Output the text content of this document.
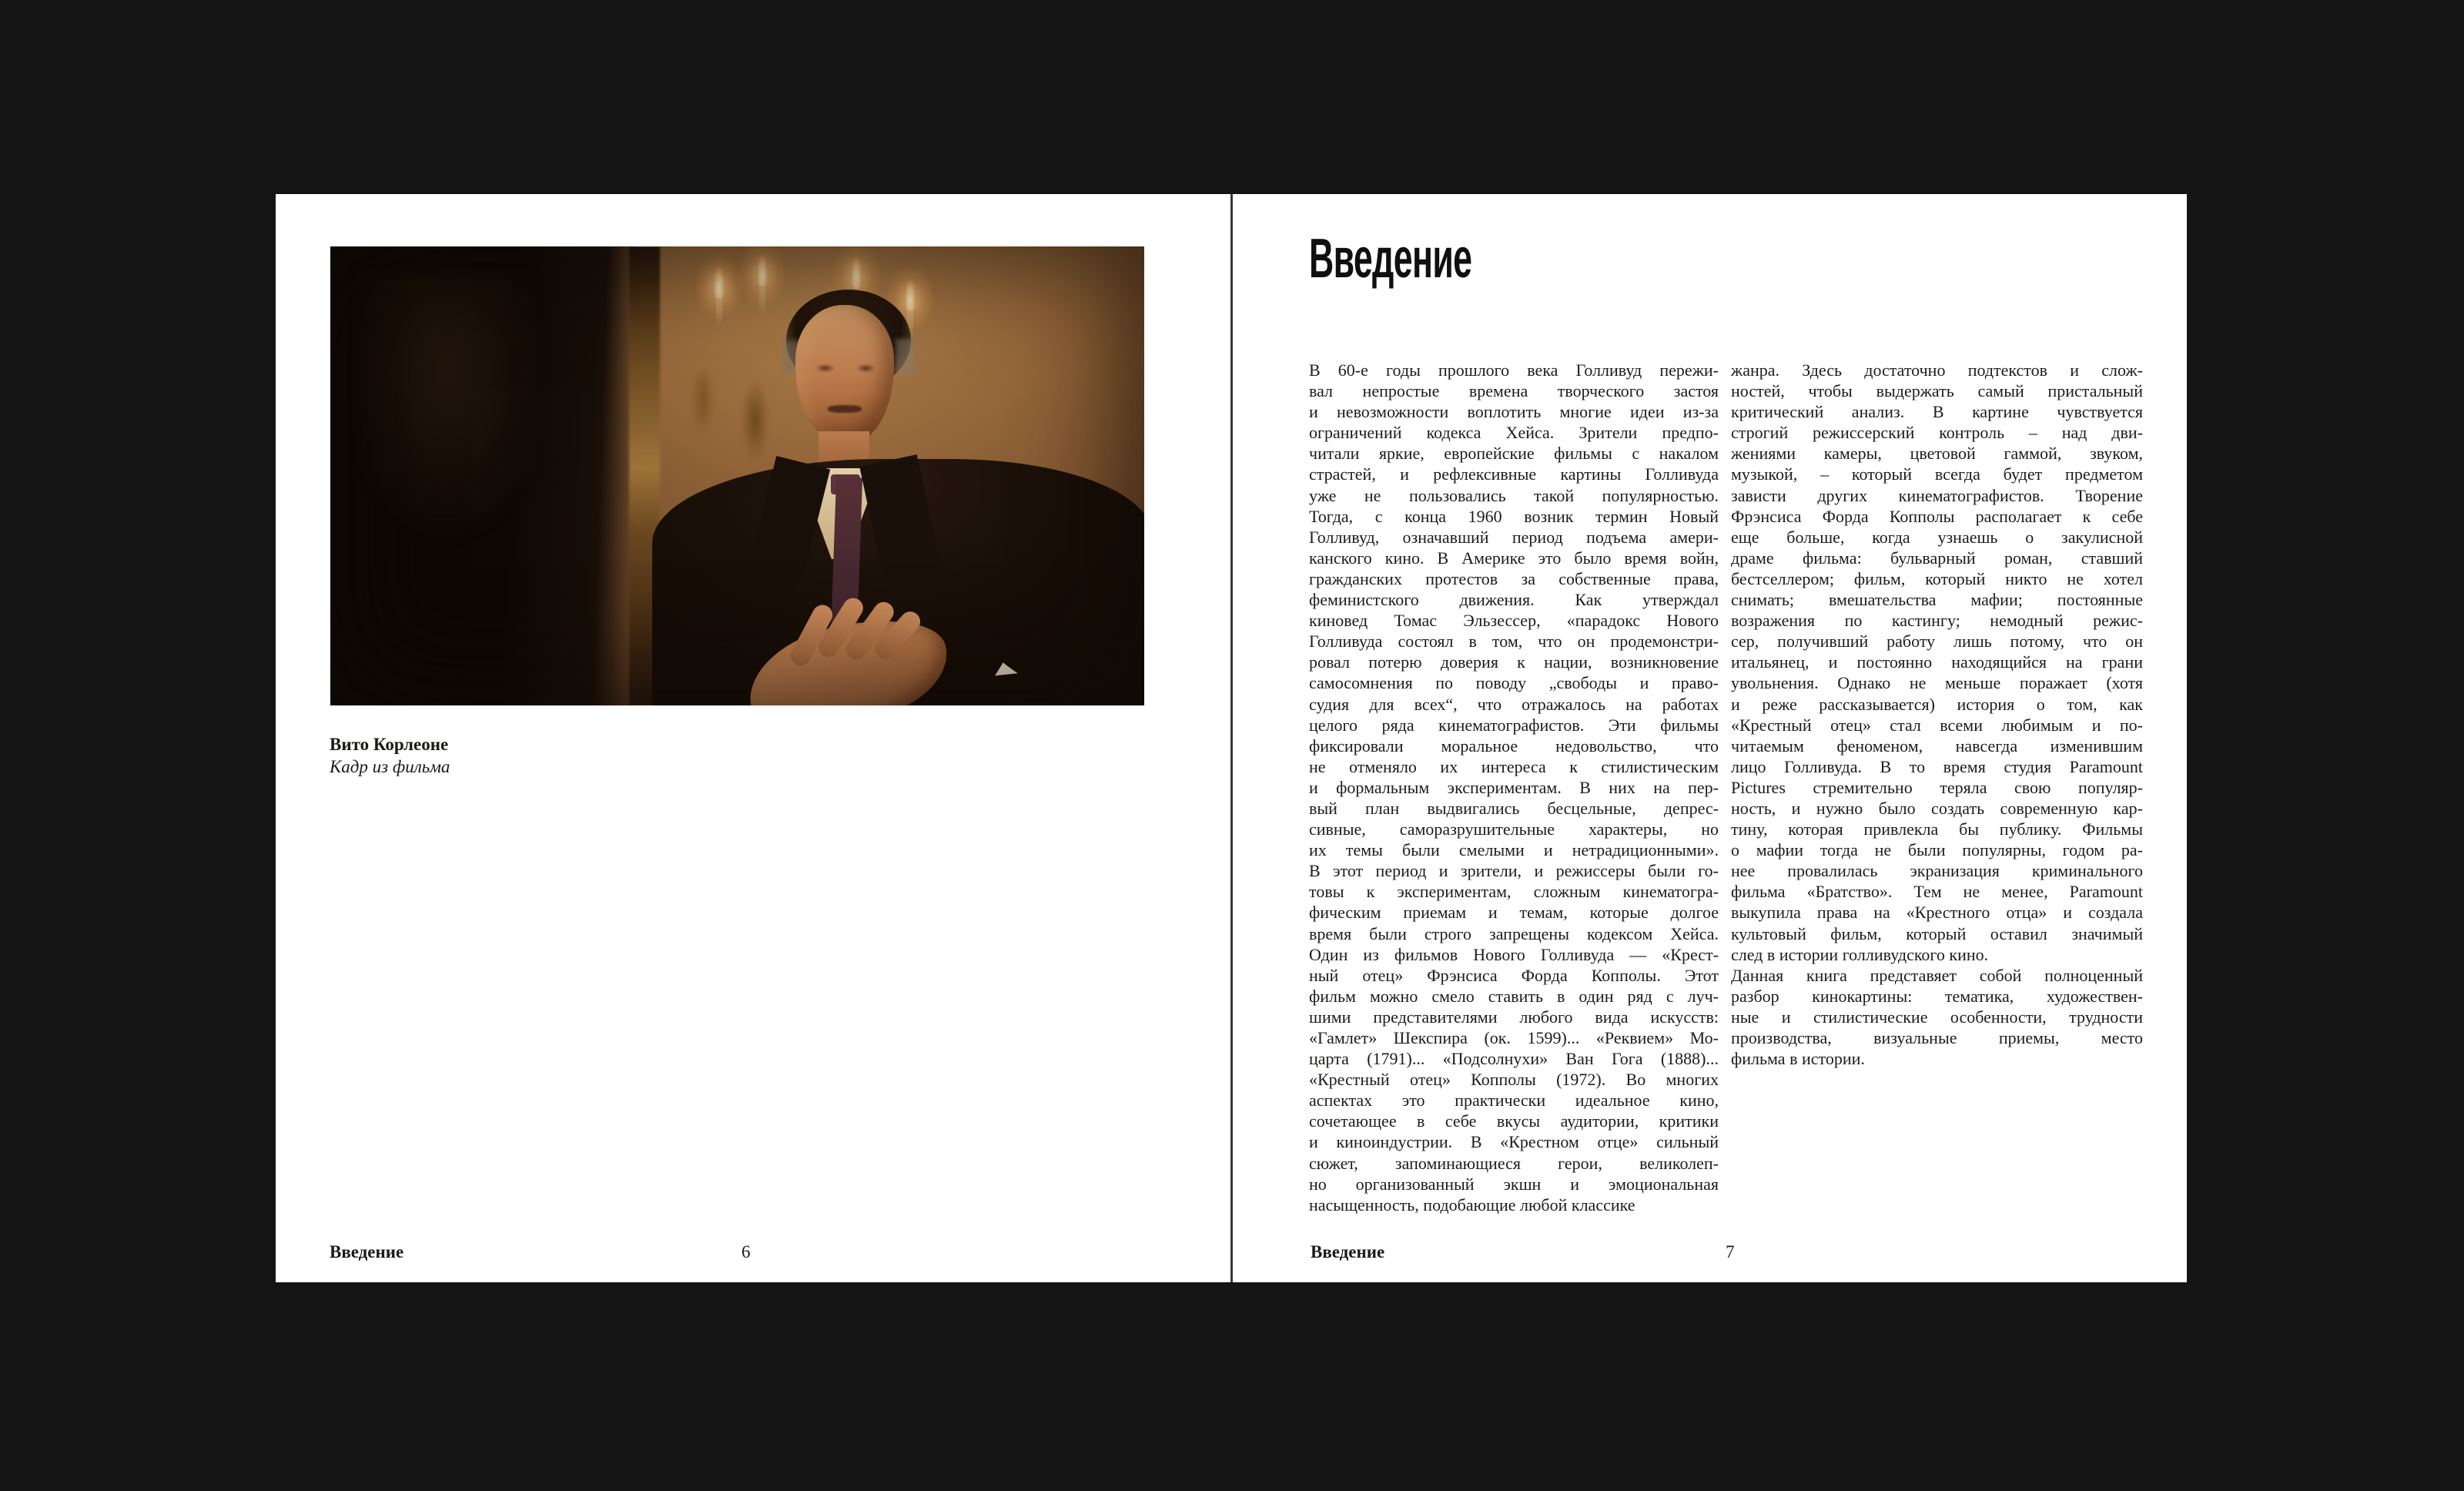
Вито Корлеоне
Кадр из фильма
Введение	6
Введение
В 60-е годы прошлого века Голливуд пережи-
вал непростые времена творческого застоя
и невозможности воплотить многие идеи из-за
ограничений кодекса Хейса. Зрители предпо-
читали яркие, европейские фильмы с накалом
страстей, и рефлексивные картины Голливуда
уже не пользовались такой популярностью.
Тогда, с конца 1960 возник термин Новый
Голливуд, означавший период подъема амери-
канского кино. В Америке это было время войн,
гражданских протестов за собственные права,
феминистского движения. Как утверждал
киновед Томас Эльзессер, «парадокс Нового
Голливуда состоял в том, что он продемонстри-
ровал потерю доверия к нации, возникновение
самосомнения по поводу „свободы и право-
судия для всех“, что отражалось на работах
целого ряда кинематографистов. Эти фильмы
фиксировали моральное недовольство, что
не отменяло их интереса к стилистическим
и формальным экспериментам. В них на пер-
вый план выдвигались бесцельные, депрес-
сивные, саморазрушительные характеры, но
их темы были смелыми и нетрадиционными».
В этот период и зрители, и режиссеры были го-
товы к экспериментам, сложным кинематогра-
фическим приемам и темам, которые долгое
время были строго запрещены кодексом Хейса.
Один из фильмов Нового Голливуда — «Крест-
ный отец» Фрэнсиса Форда Копполы. Этот
фильм можно смело ставить в один ряд с луч-
шими представителями любого вида искусств:
«Гамлет» Шекспира (ок. 1599)... «Реквием» Мо-
царта (1791)... «Подсолнухи» Ван Гога (1888)...
«Крестный отец» Копполы (1972). Во многих
аспектах это практически идеальное кино,
сочетающее в себе вкусы аудитории, критики
и киноиндустрии. В «Крестном отце» сильный
сюжет, запоминающиеся герои, великолеп-
но организованный экшн и эмоциональная
насыщенность, подобающие любой классике
жанра. Здесь достаточно подтекстов и слож-
ностей, чтобы выдержать самый пристальный
критический анализ. В картине чувствуется
строгий режиссерский контроль – над дви-
жениями камеры, цветовой гаммой, звуком,
музыкой, – который всегда будет предметом
зависти других кинематографистов. Творение
Фрэнсиса Форда Копполы располагает к себе
еще больше, когда узнаешь о закулисной
драме фильма: бульварный роман, ставший
бестселлером; фильм, который никто не хотел
снимать; вмешательства мафии; постоянные
возражения по кастингу; немодный режис-
сер, получивший работу лишь потому, что он
итальянец, и постоянно находящийся на грани
увольнения. Однако не меньше поражает (хотя
и реже рассказывается) история о том, как
«Крестный отец» стал всеми любимым и по-
читаемым феноменом, навсегда изменившим
лицо Голливуда. В то время студия Paramount
Pictures стремительно теряла свою популяр-
ность, и нужно было создать современную кар-
тину, которая привлекла бы публику. Фильмы
о мафии тогда не были популярны, годом ра-
нее провалилась экранизация криминального
фильма «Братство». Тем не менее, Paramount
выкупила права на «Крестного отца» и создала
культовый фильм, который оставил значимый
след в истории голливудского кино.
Данная книга представяет собой полноценный
разбор кинокартины: тематика, художествен-
ные и стилистические особенности, трудности
производства, визуальные приемы, место
фильма в истории.
Введение	7
